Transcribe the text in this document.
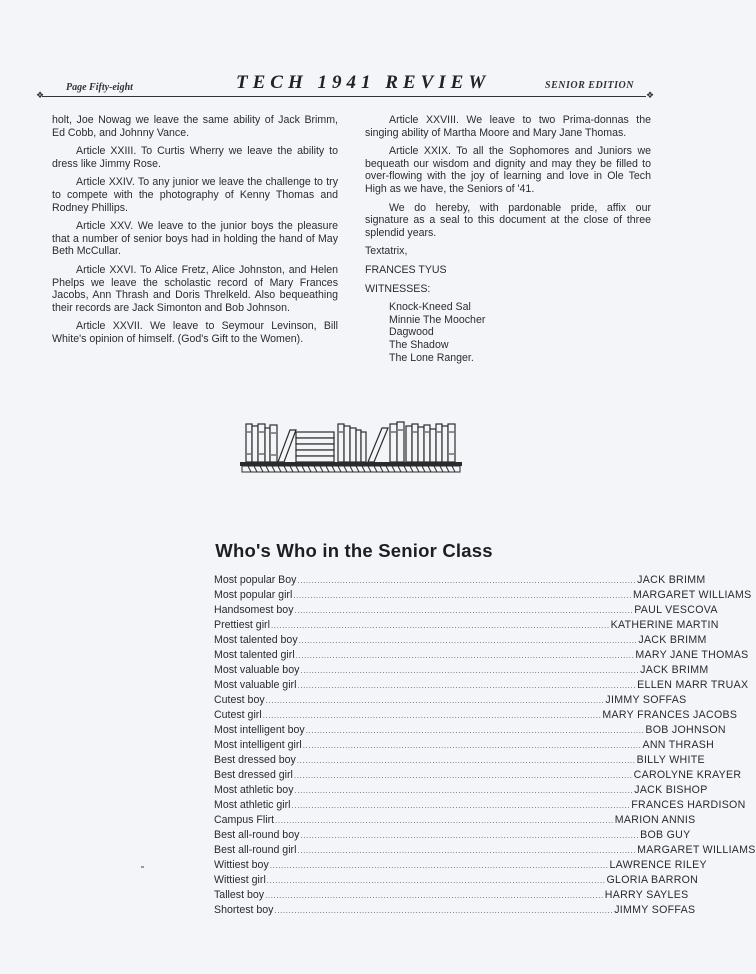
❖
Page Fifty-eight	TECH 1941 REVIEW	SENIOR EDITION
❖

holt, Joe Nowag we leave the same ability of Jack Brimm, Ed Cobb, and Johnny Vance.

Article XXIII. To Curtis Wherry we leave the ability to dress like Jimmy Rose.

Article XXIV. To any junior we leave the challenge to try to compete with the photography of Kenny Thomas and Rodney Phillips.

Article XXV. We leave to the junior boys the pleasure that a number of senior boys had in holding the hand of May Beth McCullar.

Article XXVI. To Alice Fretz, Alice Johnston, and Helen Phelps we leave the scholastic record of Mary Frances Jacobs, Ann Thrash and Doris Threlkeld. Also bequeathing their records are Jack Simonton and Bob Johnson.

Article XXVII. We leave to Seymour Levinson, Bill White's opinion of himself. (God's Gift to the Women).

Article XXVIII. We leave to two Prima-donnas the singing ability of Martha Moore and Mary Jane Thomas.

Article XXIX. To all the Sophomores and Juniors we bequeath our wisdom and dignity and may they be filled to over-flowing with the joy of learning and love in Ole Tech High as we have, the Seniors of '41.

We do hereby, with pardonable pride, affix our signature as a seal to this document at the close of three splendid years.

Textatrix,

FRANCES TYUS

WITNESSES:

Knock-Kneed Sal
Minnie The Moocher
Dagwood
The Shadow
The Lone Ranger.
Who's Who in the Senior Class
Most popular Boy ........................................................................................................................ JACK BRIMM
Most popular girl ........................................................................................................................ MARGARET WILLIAMS
Handsomest boy ........................................................................................................................ PAUL VESCOVA
Prettiest girl ........................................................................................................................ KATHERINE MARTIN
Most talented boy ........................................................................................................................ JACK BRIMM
Most talented girl ........................................................................................................................ MARY JANE THOMAS
Most valuable boy ........................................................................................................................ JACK BRIMM
Most valuable girl ........................................................................................................................ ELLEN MARR TRUAX
Cutest boy ........................................................................................................................ JIMMY SOFFAS
Cutest girl ........................................................................................................................ MARY FRANCES JACOBS
Most intelligent boy ........................................................................................................................ BOB JOHNSON
Most intelligent girl ........................................................................................................................ ANN THRASH
Best dressed boy ........................................................................................................................ BILLY WHITE
Best dressed girl ........................................................................................................................ CAROLYNE KRAYER
Most athletic boy ........................................................................................................................ JACK BISHOP
Most athletic girl ........................................................................................................................ FRANCES HARDISON
Campus Flirt ........................................................................................................................ MARION ANNIS
Best all-round boy ........................................................................................................................ BOB GUY
Best all-round girl ........................................................................................................................ MARGARET WILLIAMS
Wittiest boy ........................................................................................................................ LAWRENCE RILEY
Wittiest girl ........................................................................................................................ GLORIA BARRON
Tallest boy ........................................................................................................................ HARRY SAYLES
Shortest boy ........................................................................................................................ JIMMY SOFFAS
